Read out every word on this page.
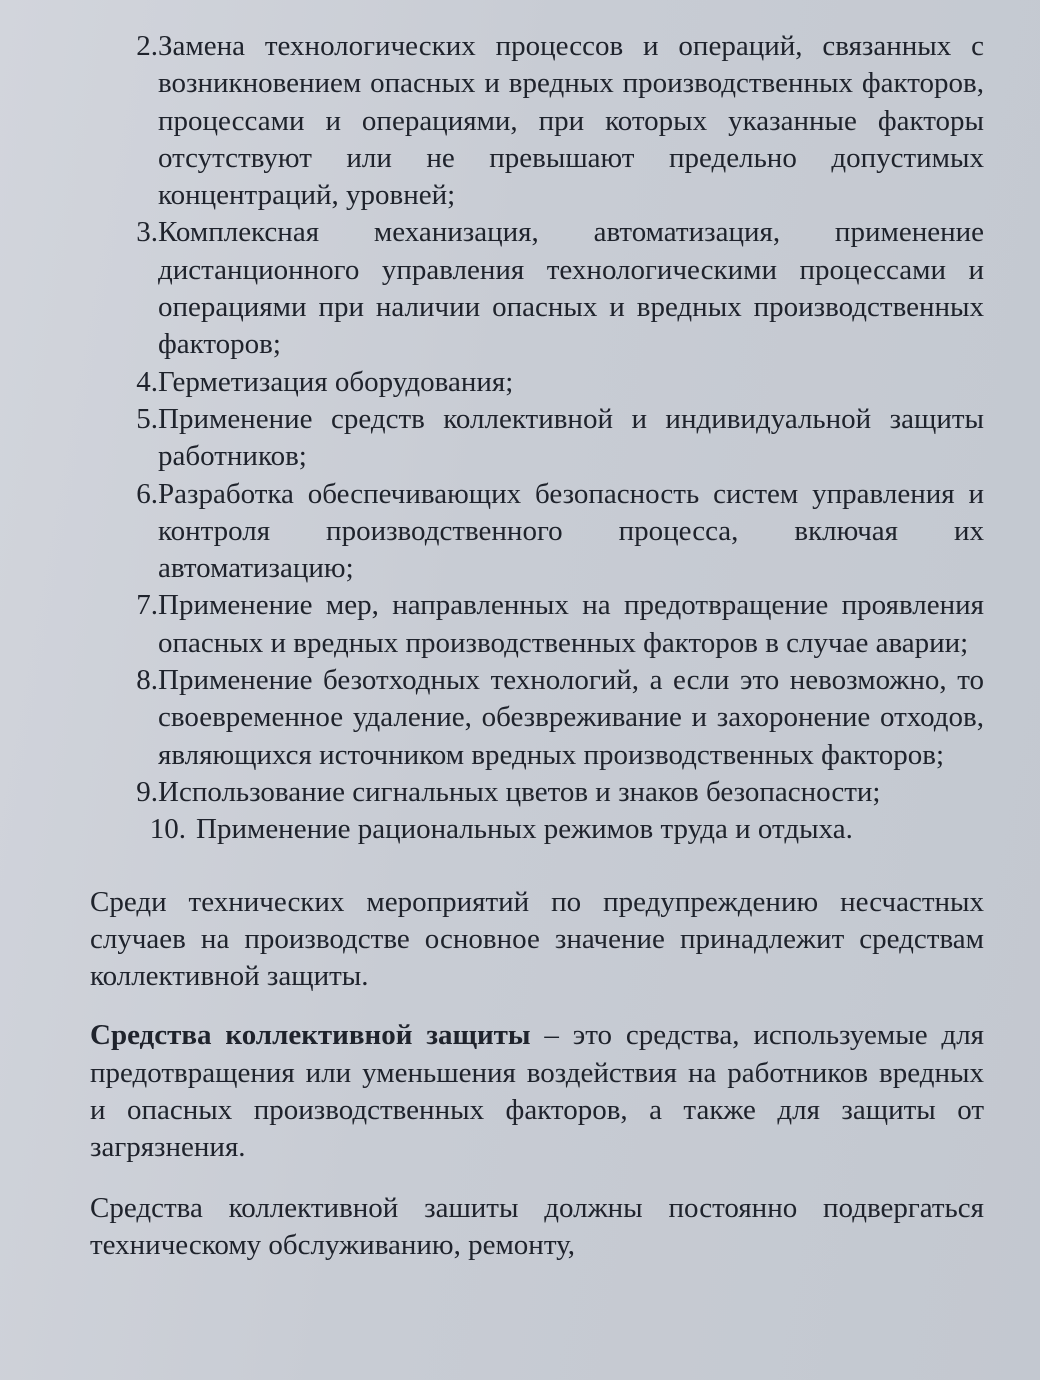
2. Замена технологических процессов и операций, связанных с возникновением опасных и вредных производственных факторов, процессами и операциями, при которых указанные факторы отсутствуют или не превышают предельно допустимых концентраций, уровней;
3. Комплексная механизация, автоматизация, применение дистанционного управления технологическими процессами и операциями при наличии опасных и вредных производственных факторов;
4. Герметизация оборудования;
5. Применение средств коллективной и индивидуальной защиты работников;
6. Разработка обеспечивающих безопасность систем управления и контроля производственного процесса, включая их автоматизацию;
7. Применение мер, направленных на предотвращение проявления опасных и вредных производственных факторов в случае аварии;
8. Применение безотходных технологий, а если это невозможно, то своевременное удаление, обезвреживание и захоронение отходов, являющихся источником вредных производственных факторов;
9. Использование сигнальных цветов и знаков безопасности;
10. Применение рациональных режимов труда и отдыха.

Среди технических мероприятий по предупреждению несчастных случаев на производстве основное значение принадлежит средствам коллективной защиты.

Средства коллективной защиты – это средства, используемые для предотвращения или уменьшения воздействия на работников вредных и опасных производственных факторов, а также для защиты от загрязнения.

Средства коллективной зашиты должны постоянно подвергаться техническому обслуживанию, ремонту,
